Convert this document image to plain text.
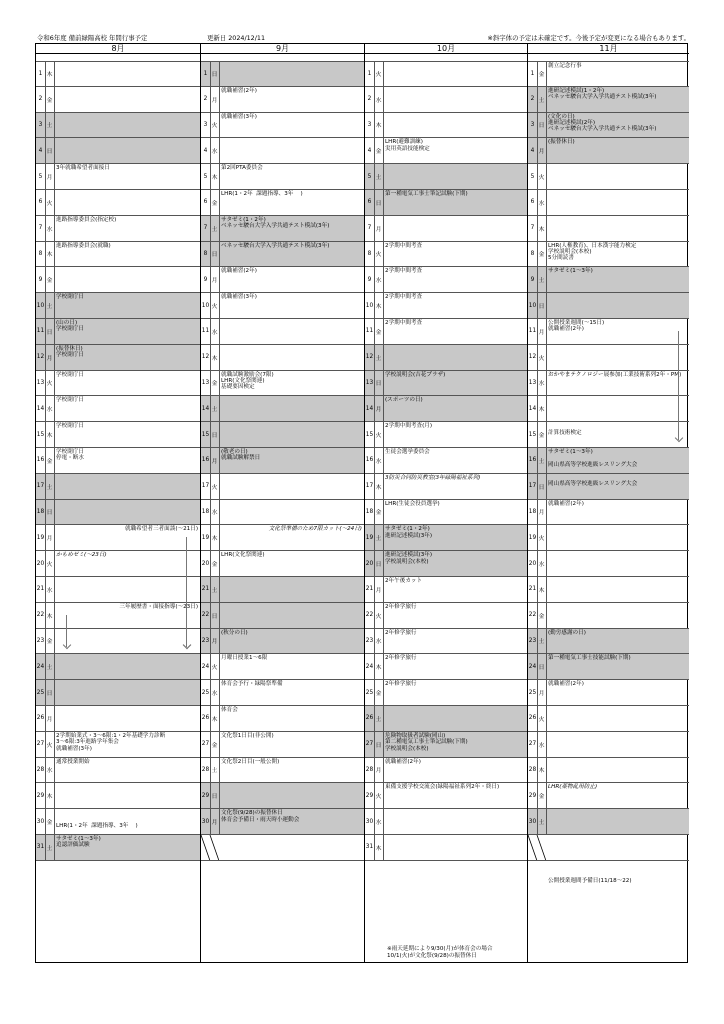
令和6年度 備前緑陽高校 年間行事予定	更新日 2024/12/11	※斜字体の予定は未確定です。今後予定が変更になる場合もあります。
8月
1 木
2 金
3 土
4 日
5 月
3年就職希望者面接日
6 火
7 水
進路指導委員会(指定校)
8 木
進路指導委員会(就職)
9 金
10 土
学校閉庁日
11 日
(山の日)
学校閉庁日
12 月
(振替休日)
学校閉庁日
13 火
学校閉庁日
14 水
学校閉庁日
15 木
学校閉庁日
16 金
学校閉庁日
停電・断水
17 土
18 日
19 月
就職希望者三者面談(～21日)
20 火
かもめゼミ(～23日)
21 水
22 木
三年履歴書・面接指導(～23日)
23 金
24 土
25 日
26 月
27 火
2学期始業式・3～6限:1・2年基礎学力診断
3～6限:3年進路学年集会
就職補習(3年)
28 水
通常授業開始
29 木
30 金

LHR(1・2年  課題指導、3年    )
31 土
サタゼミ(1～3年)
追認評価試験
9月
1 日
2 月
就職補習(2年)
3 火
就職補習(3年)
4 水
5 木
第2回PTA委員会
6 金
LHR(1・2年  課題指導、3年    )
7 土
サタゼミ(1・2年)
ベネッセ駿台大学入学共通テスト模試(3年)
8 日
ベネッセ駿台大学入学共通テスト模試(3年)
9 月
就職補習(2年)
10 火
就職補習(3年)
11 水
12 木
13 金
就職試験激励会(7限)
LHR(文化祭関連)
基礎要因検定
14 土
15 日
16 月
(敬老の日)
就職試験解禁日
17 火
18 水
19 木
文化祭準備のため7限カット(～24日)
20 金
LHR(文化祭関連)
21 土
22 日
23 月
(秋分の日)
24 火
月曜日授業1～6限
25 水
体育会予行・緑陽祭準備
26 木
体育会
27 金
文化祭1日目(非公開)
28 土
文化祭2日目(一般公開)
29 日
30 月
文化祭(9/28)の振替休日
体育会予備日・雨天時小運動会
10月
※雨天延期により9/30(月)が体育会の場合
10/1(火)が文化祭(9/28)の振替休日
1 火
2 水
3 木
4 金
LHR(避難訓練)
実用英語技能検定
5 土
6 日
第一種電気工事士筆記試験(下期)
7 月
8 火
2学期中間考査
9 水
2学期中間考査
10 木
2学期中間考査
11 金
2学期中間考査
12 土
13 日
学校説明会(吉花プラザ)
14 月
(スポーツの日)
15 火
2学期中間考査(月)
16 水
生徒会選挙委員会
17 木
3防災合同防災教室(3年緑陽福祉系列)
18 金
LHR(生徒会役員選挙)
19 土
サタゼミ(1・2年)
進研記述模試(3年)
20 日
進研記述模試(3年)
学校説明会(本校)
21 月
2年午後カット
22 火
2年修学旅行
23 水
2年修学旅行
24 木
2年修学旅行
25 金
2年修学旅行
26 土
27 日
危険物取扱者試験(岡山)
第二種電気工事士筆記試験(下期)
学校説明会(本校)
28 月
就職補習(2年)
29 火
東備支援学校交流会(緑陽福祉系列2年・終日)
30 水
31 木
11月
公開授業週間予備日(11/18～22)
1 金
創立記念行事
2 土
進研記述模試(1・2年)
ベネッセ駿台大学入学共通テスト模試(3年)
3 日
(文化の日)
進研記述模試(2年)
ベネッセ駿台大学入学共通テスト模試(3年)
4 月
(振替休日)
5 火
6 水
7 木
8 金
LHR(人権教育)、日本漢字能力検定
学校説明会(本校)
5分間読書
9 土
サタゼミ(1～3年)
10 日
11 月
公開授業週間(～15日)
就職補習(2年)
12 火
13 水
おかやまテクノロジー展参加(工業技術系列2年・PM)
14 木
15 金

計算技術検定
16 土
サタゼミ(1～3年)

岡山県高等学校進級レスリング大会
17 日

岡山県高等学校進級レスリング大会
18 月
就職補習(2年)
19 火
20 水
21 木
22 金
23 土
(勤労感謝の日)
24 日
第一種電気工事士技能試験(下期)
25 月
就職補習(2年)
26 火
27 水
28 木
29 金
LHR(薬物乱用防止)
30 土
